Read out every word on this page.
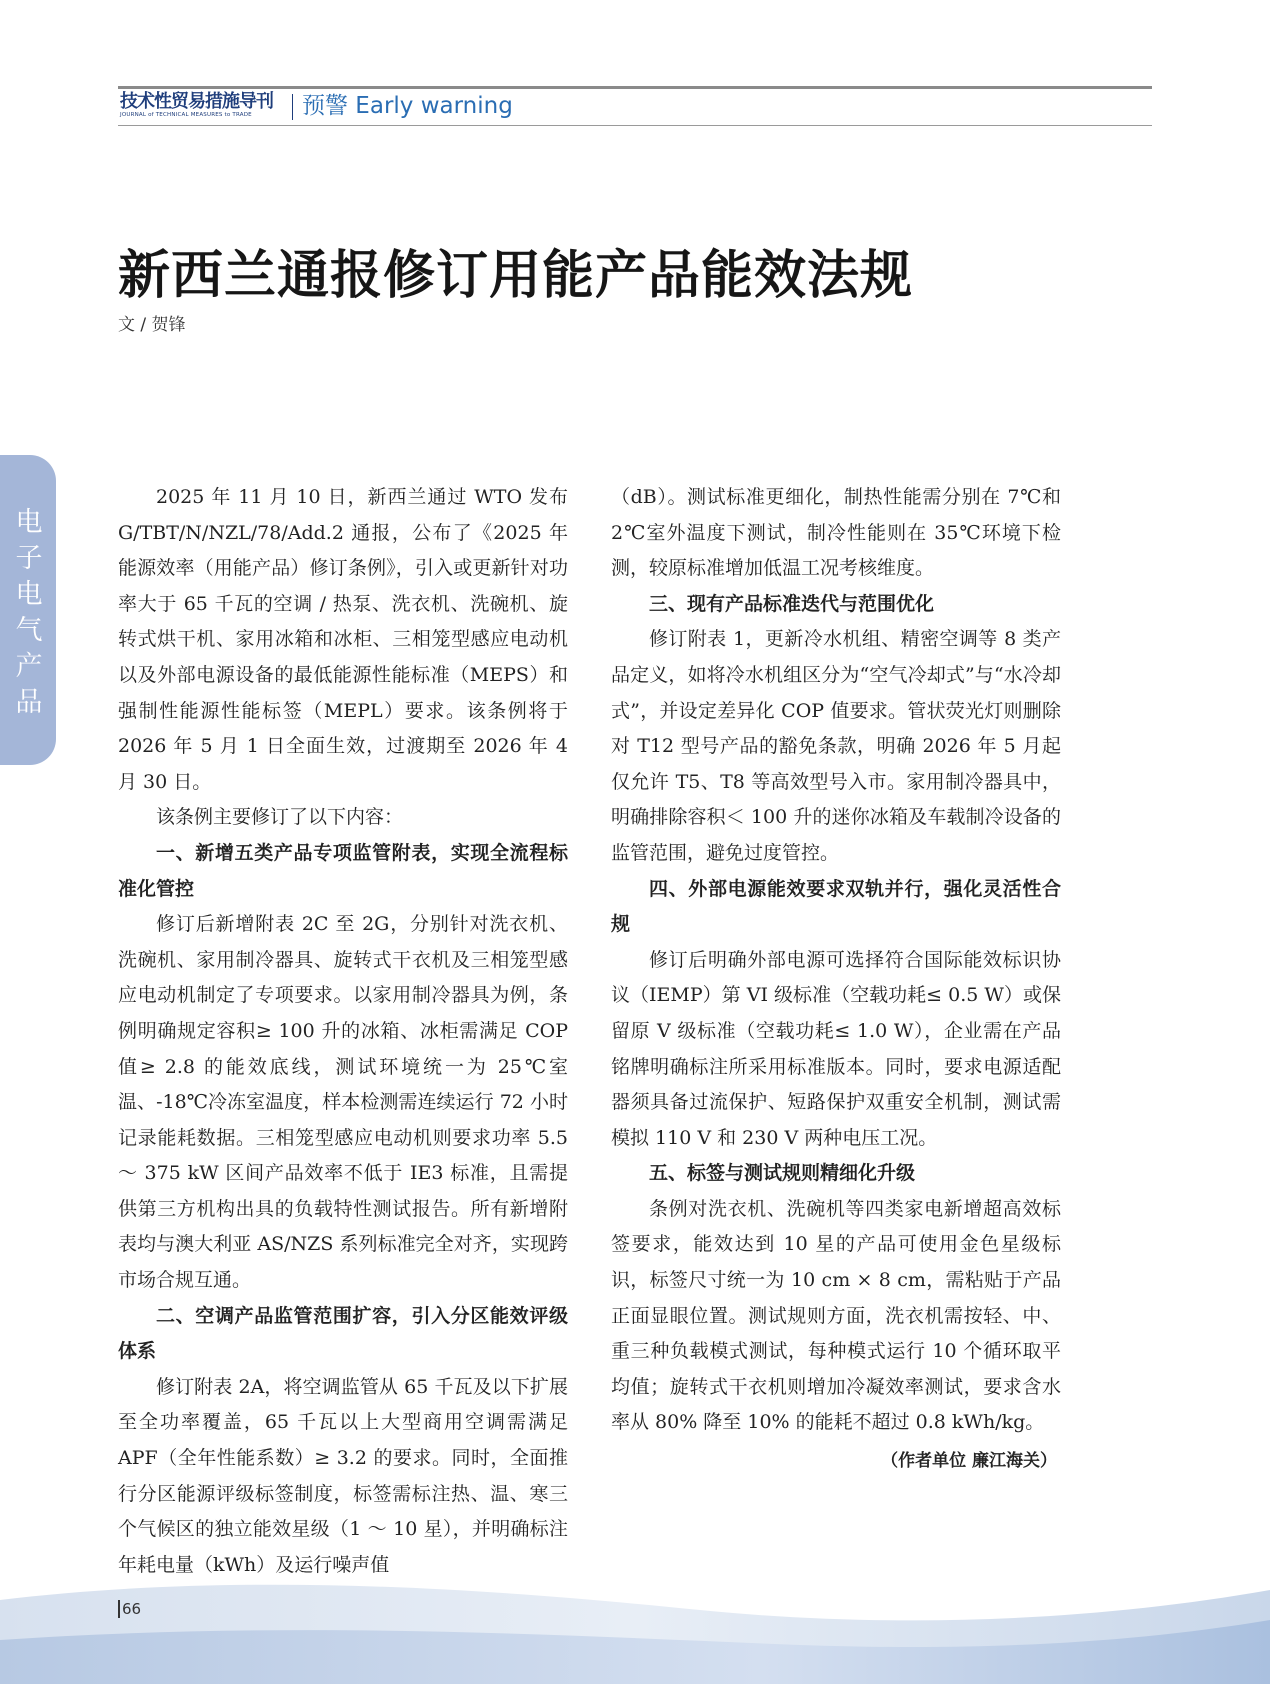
技术性贸易措施导刊
JOURNAL of TECHNICAL MEASURES to TRADE	预警 Early warning
新西兰通报修订用能产品能效法规
文 / 贺锋
电子电气产品

2025 年 11 月 10 日，新西兰通过 WTO 发布 G/TBT/N/NZL/78/Add.2 通报，公布了《2025 年能源效率（用能产品）修订条例》，引入或更新针对功率大于 65 千瓦的空调 / 热泵、洗衣机、洗碗机、旋转式烘干机、家用冰箱和冰柜、三相笼型感应电动机以及外部电源设备的最低能源性能标准（MEPS）和强制性能源性能标签（MEPL）要求。该条例将于 2026 年 5 月 1 日全面生效，过渡期至 2026 年 4 月 30 日。

该条例主要修订了以下内容：

一、新增五类产品专项监管附表，实现全流程标准化管控

修订后新增附表 2C 至 2G，分别针对洗衣机、洗碗机、家用制冷器具、旋转式干衣机及三相笼型感应电动机制定了专项要求。以家用制冷器具为例，条例明确规定容积≥ 100 升的冰箱、冰柜需满足 COP 值≥ 2.8 的能效底线，测试环境统一为 25℃室温、-18℃冷冻室温度，样本检测需连续运行 72 小时记录能耗数据。三相笼型感应电动机则要求功率 5.5 ～ 375 kW 区间产品效率不低于 IE3 标准，且需提供第三方机构出具的负载特性测试报告。所有新增附表均与澳大利亚 AS/NZS 系列标准完全对齐，实现跨市场合规互通。

二、空调产品监管范围扩容，引入分区能效评级体系

修订附表 2A，将空调监管从 65 千瓦及以下扩展至全功率覆盖，65 千瓦以上大型商用空调需满足 APF（全年性能系数）≥ 3.2 的要求。同时，全面推行分区能源评级标签制度，标签需标注热、温、寒三个气候区的独立能效星级（1 ～ 10 星），并明确标注年耗电量（kWh）及运行噪声值

（dB）。测试标准更细化，制热性能需分别在 7℃和 2℃室外温度下测试，制冷性能则在 35℃环境下检测，较原标准增加低温工况考核维度。

三、现有产品标准迭代与范围优化

修订附表 1，更新冷水机组、精密空调等 8 类产品定义，如将冷水机组区分为“空气冷却式”与“水冷却式”，并设定差异化 COP 值要求。管状荧光灯则删除对 T12 型号产品的豁免条款，明确 2026 年 5 月起仅允许 T5、T8 等高效型号入市。家用制冷器具中，明确排除容积＜ 100 升的迷你冰箱及车载制冷设备的监管范围，避免过度管控。

四、外部电源能效要求双轨并行，强化灵活性合规

修订后明确外部电源可选择符合国际能效标识协议（IEMP）第 VI 级标准（空载功耗≤ 0.5 W）或保留原 V 级标准（空载功耗≤ 1.0 W），企业需在产品铭牌明确标注所采用标准版本。同时，要求电源适配器须具备过流保护、短路保护双重安全机制，测试需模拟 110 V 和 230 V 两种电压工况。

五、标签与测试规则精细化升级

条例对洗衣机、洗碗机等四类家电新增超高效标签要求，能效达到 10 星的产品可使用金色星级标识，标签尺寸统一为 10 cm × 8 cm，需粘贴于产品正面显眼位置。测试规则方面，洗衣机需按轻、中、重三种负载模式测试，每种模式运行 10 个循环取平均值；旋转式干衣机则增加冷凝效率测试，要求含水率从 80% 降至 10% 的能耗不超过 0.8 kWh/kg。

（作者单位 廉江海关）
66
